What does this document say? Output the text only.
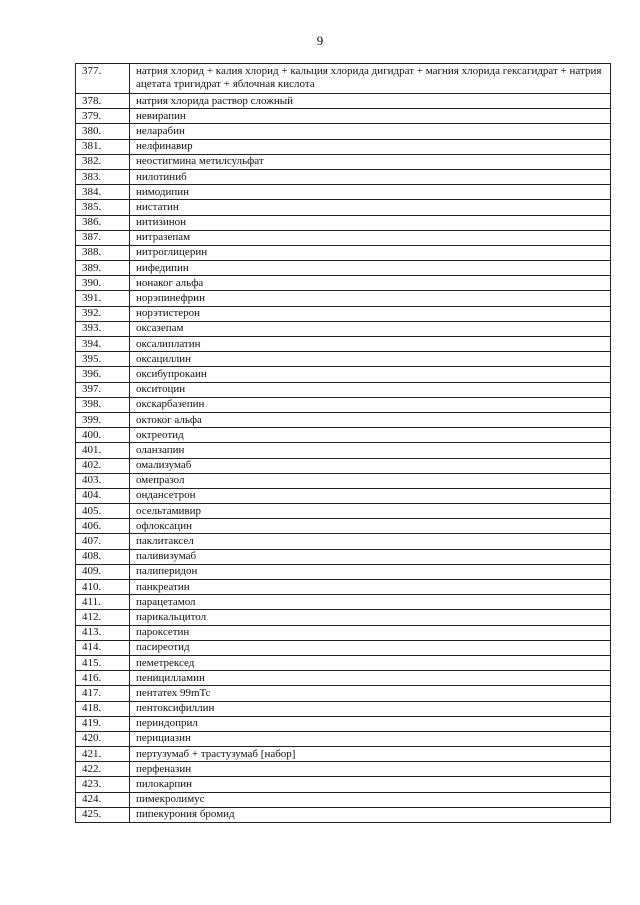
9
377.	натрия хлорид + калия хлорид + кальция хлорида дигидрат + магния хлорида гексагидрат + натрия ацетата тригидрат + яблочная кислота
378.	натрия хлорида раствор сложный
379.	невирапин
380.	неларабин
381.	нелфинавир
382.	неостигмина метилсульфат
383.	нилотиниб
384.	нимодипин
385.	нистатин
386.	нитизинон
387.	нитразепам
388.	нитроглицерин
389.	нифедипин
390.	нонаког альфа
391.	норэпинефрин
392.	норэтистерон
393.	оксазепам
394.	оксалиплатин
395.	оксациллин
396.	оксибупрокаин
397.	окситоцин
398.	окскарбазепин
399.	октоког альфа
400.	октреотид
401.	оланзапин
402.	омализумаб
403.	омепразол
404.	ондансетрон
405.	осельтамивир
406.	офлоксацин
407.	паклитаксел
408.	паливизумаб
409.	палиперидон
410.	панкреатин
411.	парацетамол
412.	парикальцитол
413.	пароксетин
414.	пасиреотид
415.	пеметрексед
416.	пеницилламин
417.	пентатех 99mTc
418.	пентоксифиллин
419.	периндоприл
420.	перициазин
421.	пертузумаб + трастузумаб [набор]
422.	перфеназин
423.	пилокарпин
424.	пимекролимус
425.	пипекурония бромид
